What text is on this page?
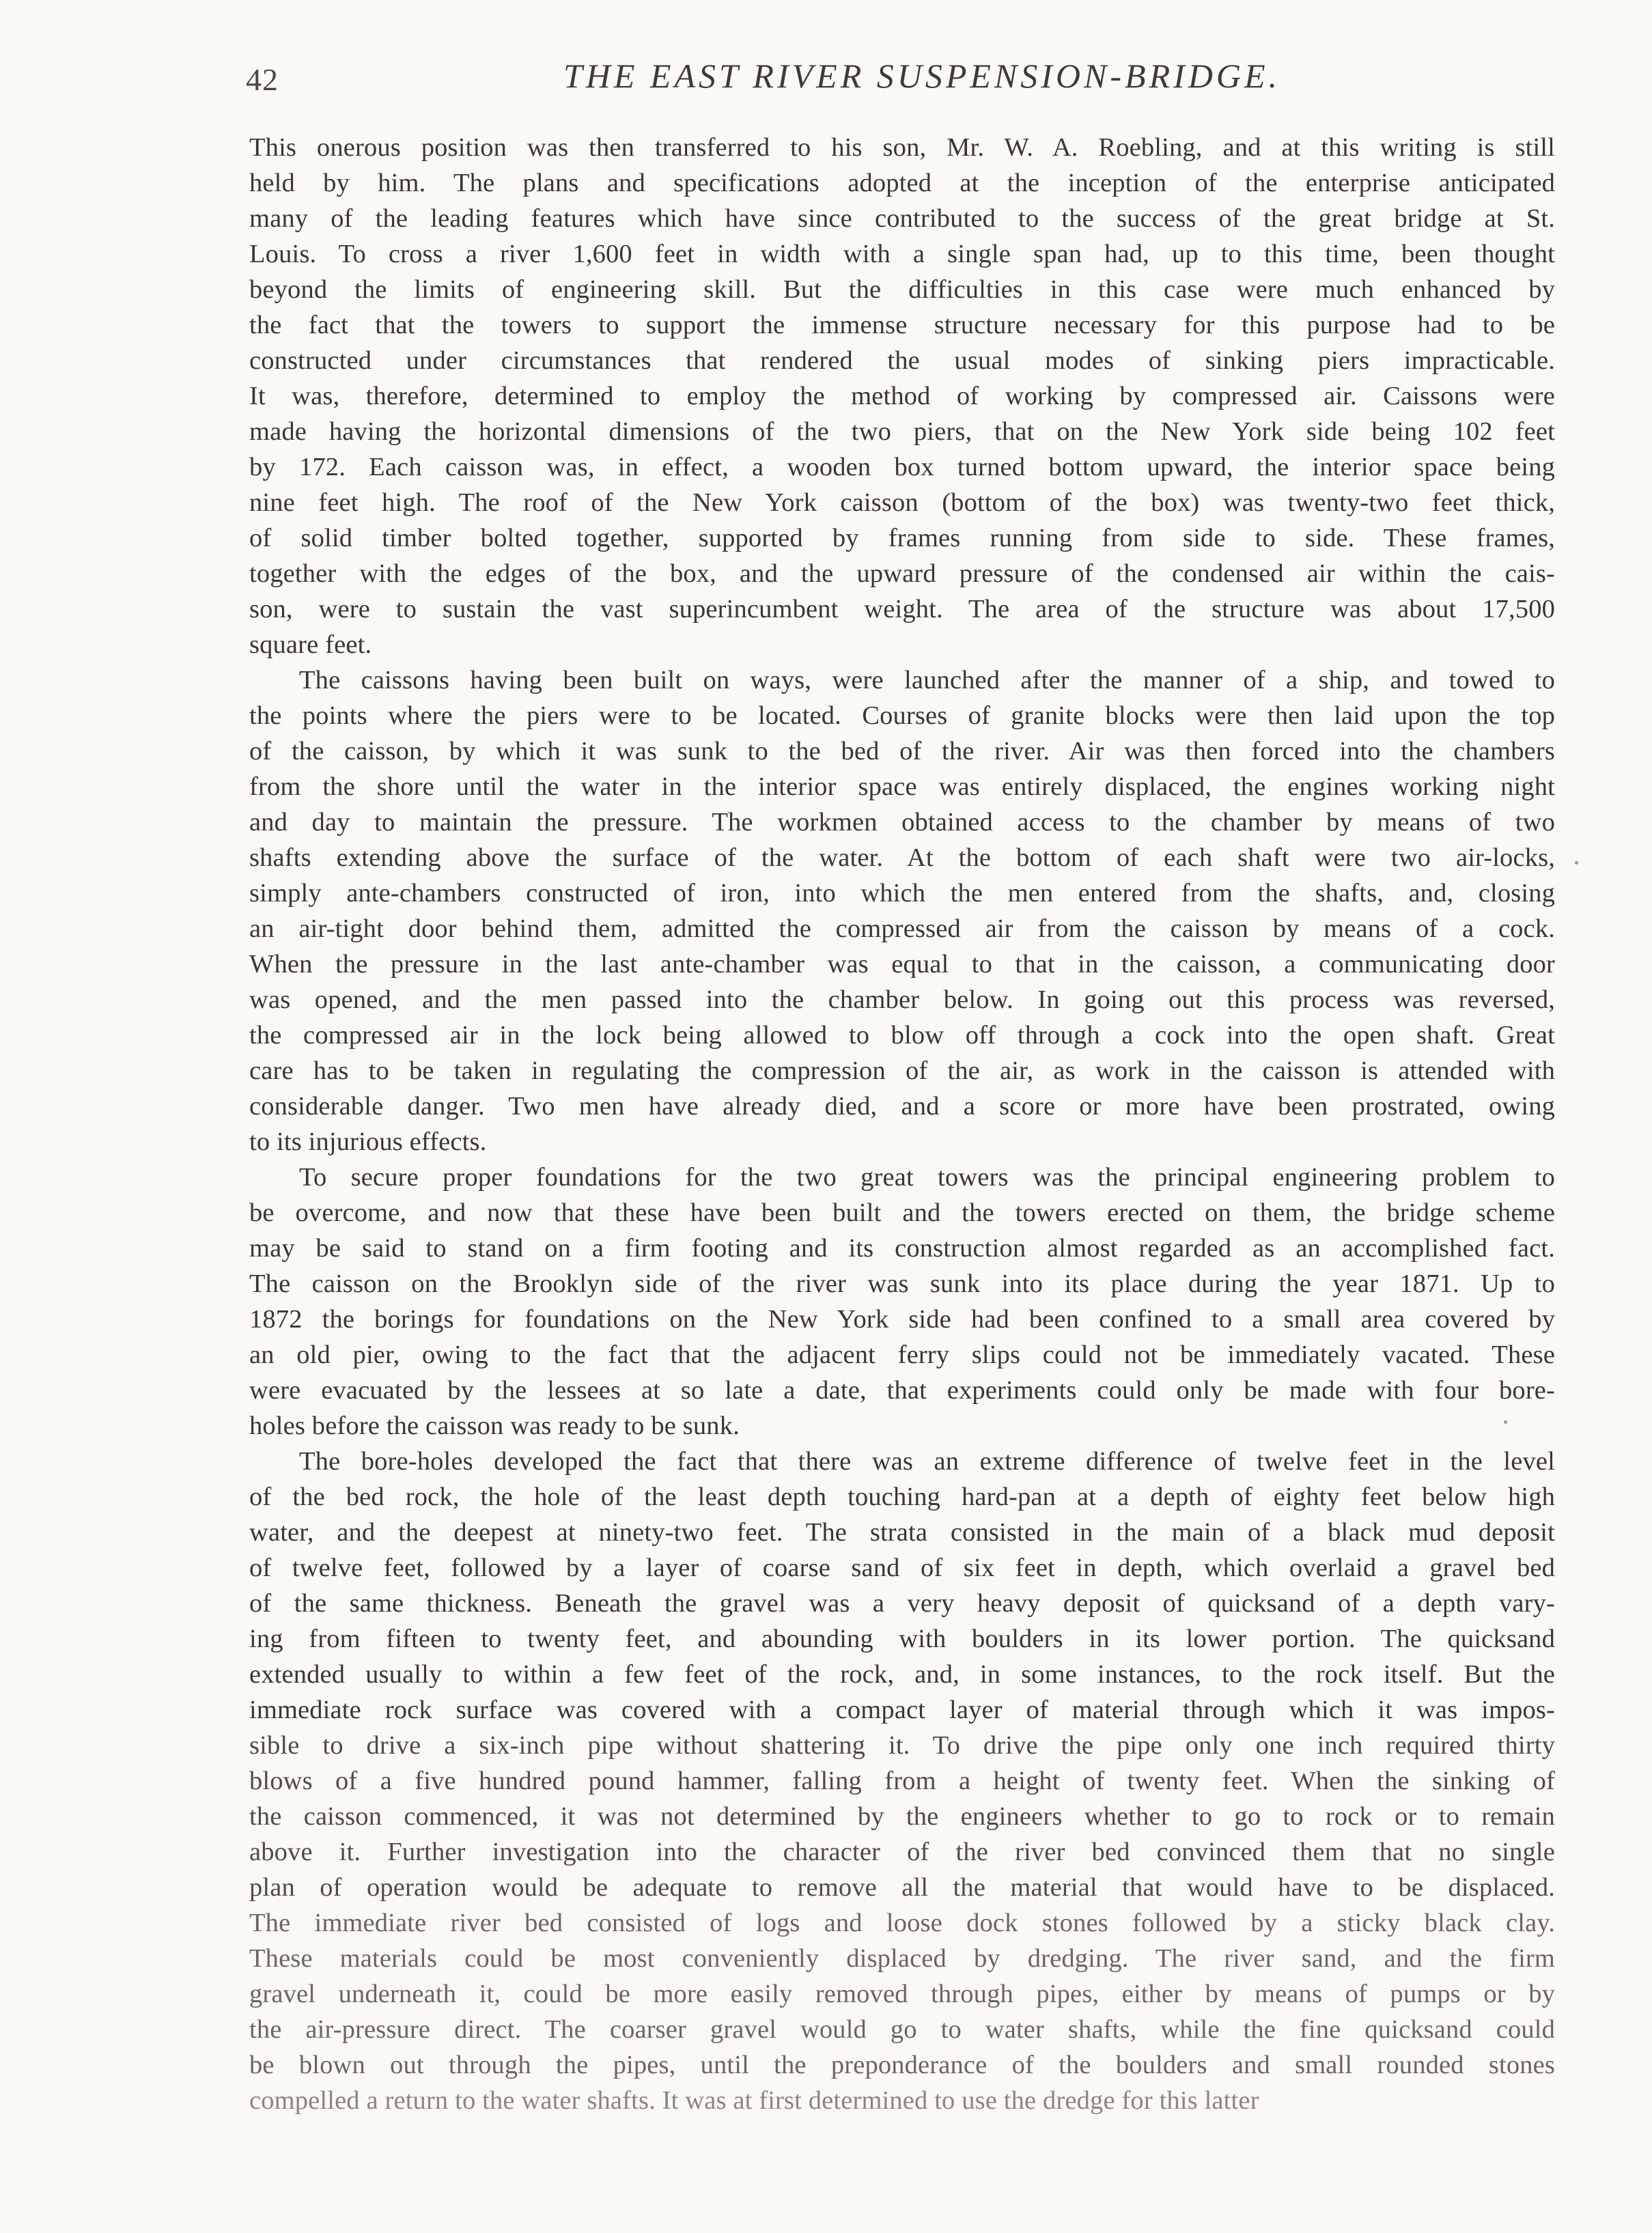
42	THE EAST RIVER SUSPENSION-BRIDGE.
This onerous position was then transferred to his son, Mr. W. A. Roebling, and at this writing is still
held by him. The plans and specifications adopted at the inception of the enterprise anticipated
many of the leading features which have since contributed to the success of the great bridge at St.
Louis. To cross a river 1,600 feet in width with a single span had, up to this time, been thought
beyond the limits of engineering skill. But the difficulties in this case were much enhanced by
the fact that the towers to support the immense structure necessary for this purpose had to be
constructed under circumstances that rendered the usual modes of sinking piers impracticable.
It was, therefore, determined to employ the method of working by compressed air. Caissons were
made having the horizontal dimensions of the two piers, that on the New York side being 102 feet
by 172. Each caisson was, in effect, a wooden box turned bottom upward, the interior space being
nine feet high. The roof of the New York caisson (bottom of the box) was twenty-two feet thick,
of solid timber bolted together, supported by frames running from side to side. These frames,
together with the edges of the box, and the upward pressure of the condensed air within the cais-
son, were to sustain the vast superincumbent weight. The area of the structure was about 17,500
square feet.
The caissons having been built on ways, were launched after the manner of a ship, and towed to
the points where the piers were to be located. Courses of granite blocks were then laid upon the top
of the caisson, by which it was sunk to the bed of the river. Air was then forced into the chambers
from the shore until the water in the interior space was entirely displaced, the engines working night
and day to maintain the pressure. The workmen obtained access to the chamber by means of two
shafts extending above the surface of the water. At the bottom of each shaft were two air-locks,
simply ante-chambers constructed of iron, into which the men entered from the shafts, and, closing
an air-tight door behind them, admitted the compressed air from the caisson by means of a cock.
When the pressure in the last ante-chamber was equal to that in the caisson, a communicating door
was opened, and the men passed into the chamber below. In going out this process was reversed,
the compressed air in the lock being allowed to blow off through a cock into the open shaft. Great
care has to be taken in regulating the compression of the air, as work in the caisson is attended with
considerable danger. Two men have already died, and a score or more have been prostrated, owing
to its injurious effects.
To secure proper foundations for the two great towers was the principal engineering problem to
be overcome, and now that these have been built and the towers erected on them, the bridge scheme
may be said to stand on a firm footing and its construction almost regarded as an accomplished fact.
The caisson on the Brooklyn side of the river was sunk into its place during the year 1871. Up to
1872 the borings for foundations on the New York side had been confined to a small area covered by
an old pier, owing to the fact that the adjacent ferry slips could not be immediately vacated. These
were evacuated by the lessees at so late a date, that experiments could only be made with four bore-
holes before the caisson was ready to be sunk.
The bore-holes developed the fact that there was an extreme difference of twelve feet in the level
of the bed rock, the hole of the least depth touching hard-pan at a depth of eighty feet below high
water, and the deepest at ninety-two feet. The strata consisted in the main of a black mud deposit
of twelve feet, followed by a layer of coarse sand of six feet in depth, which overlaid a gravel bed
of the same thickness. Beneath the gravel was a very heavy deposit of quicksand of a depth vary-
ing from fifteen to twenty feet, and abounding with boulders in its lower portion. The quicksand
extended usually to within a few feet of the rock, and, in some instances, to the rock itself. But the
immediate rock surface was covered with a compact layer of material through which it was impos-
sible to drive a six-inch pipe without shattering it. To drive the pipe only one inch required thirty
blows of a five hundred pound hammer, falling from a height of twenty feet. When the sinking of
the caisson commenced, it was not determined by the engineers whether to go to rock or to remain
above it. Further investigation into the character of the river bed convinced them that no single
plan of operation would be adequate to remove all the material that would have to be displaced.
The immediate river bed consisted of logs and loose dock stones followed by a sticky black clay.
These materials could be most conveniently displaced by dredging. The river sand, and the firm
gravel underneath it, could be more easily removed through pipes, either by means of pumps or by
the air-pressure direct. The coarser gravel would go to water shafts, while the fine quicksand could
be blown out through the pipes, until the preponderance of the boulders and small rounded stones
compelled a return to the water shafts. It was at first determined to use the dredge for this latter
